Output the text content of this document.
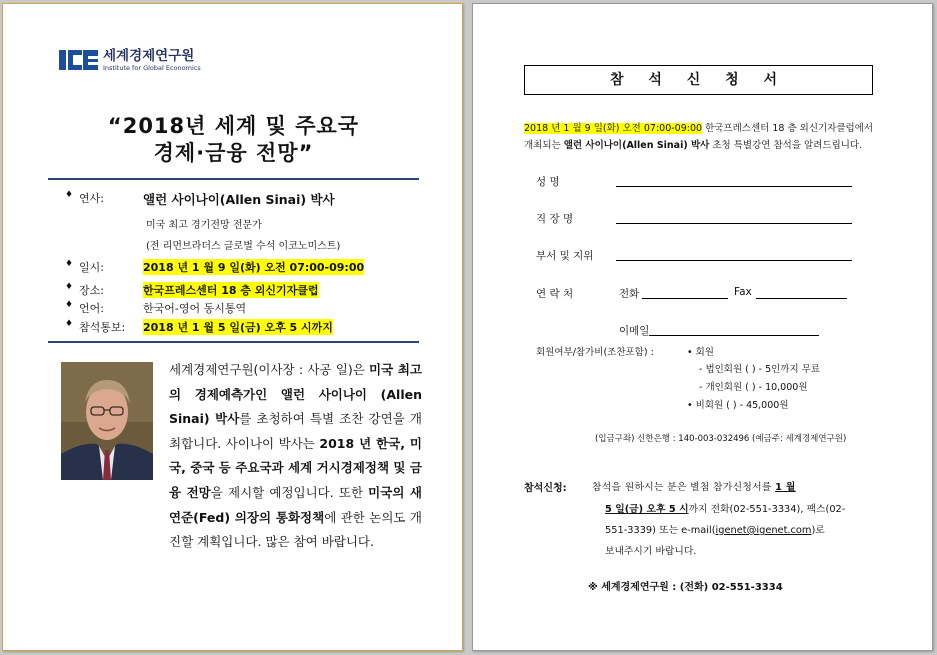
세계경제연구원
Institute for Global Economics
“2018년 세계 및 주요국
경제·금융 전망”
♦ 연사:	앨런 사이나이(Allen Sinai) 박사
미국 최고 경기전망 전문가
(전 리먼브라더스 글로벌 수석 이코노미스트)
♦ 일시:	2018 년 1 월 9 일(화) 오전 07:00-09:00
♦ 장소:	한국프레스센터 18 층 외신기자클럽
♦ 언어:	한국어-영어 동시통역
♦ 참석통보:	2018 년 1 월 5 일(금) 오후 5 시까지
세계경제연구원(이사장 : 사공 일)은 미국 최고의 경제예측가인 앨런 사이나이 (Allen Sinai) 박사를 초청하여 특별 조찬 강연을 개최합니다. 사이나이 박사는 2018 년 한국, 미국, 중국 등 주요국과 세계 거시경제정책 및 금융 전망을 제시할 예정입니다. 또한 미국의 새 연준(Fed) 의장의 통화정책에 관한 논의도 개진할 계획입니다. 많은 참여 바랍니다.
참 석 신 청 서
2018 년 1 월 9 일(화) 오전 07:00-09:00 한국프레스센터 18 층 외신기자클럽에서
개최되는 앨런 사이나이(Allen Sinai) 박사 초청 특별강연 참석을 알려드립니다.
성 명
직 장 명
부서 및 지위
연 락 처	전화	Fax
이메일
회원여부/참가비(조찬포함) :	• 회원
- 법인회원 ( ) - 5인까지 무료
- 개인회원 ( ) - 10,000원
• 비회원 ( ) - 45,000원
(입금구좌) 신한은행 : 140-003-032496 (예금주: 세계경제연구원)
참석신청:	참석을 원하시는 분은 별첨 참가신청서를 1 월
5 일(금) 오후 5 시까지 전화(02-551-3334), 팩스(02-
551-3339) 또는 e-mail(igenet@igenet.com)로
보내주시기 바랍니다.
※ 세계경제연구원 : (전화) 02-551-3334
